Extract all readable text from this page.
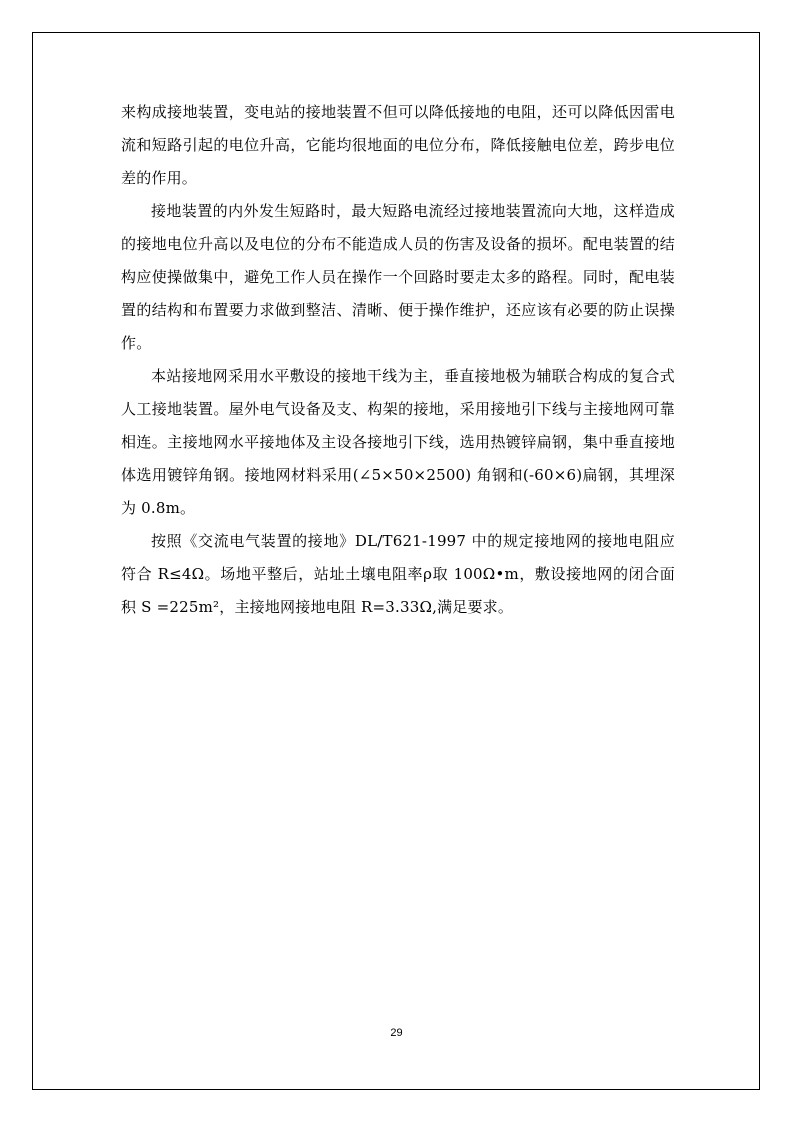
来构成接地装置，变电站的接地装置不但可以降低接地的电阻，还可以降低因雷电流和短路引起的电位升高，它能均很地面的电位分布，降低接触电位差，跨步电位差的作用。

接地装置的内外发生短路时，最大短路电流经过接地装置流向大地，这样造成的接地电位升高以及电位的分布不能造成人员的伤害及设备的损坏。配电装置的结构应使操做集中，避免工作人员在操作一个回路时要走太多的路程。同时，配电装置的结构和布置要力求做到整洁、清晰、便于操作维护，还应该有必要的防止误操作。

本站接地网采用水平敷设的接地干线为主，垂直接地极为辅联合构成的复合式人工接地装置。屋外电气设备及支、构架的接地，采用接地引下线与主接地网可靠相连。主接地网水平接地体及主设各接地引下线，选用热镀锌扁钢，集中垂直接地体选用镀锌角钢。接地网材料采用(∠5×50×2500) 角钢和(-60×6)扁钢，其埋深为 0.8m。

按照《交流电气装置的接地》DL/T621-1997 中的规定接地网的接地电阻应符合 R≤4Ω。场地平整后，站址土壤电阻率ρ取 100Ω•m，敷设接地网的闭合面积 S =225m²，主接地网接地电阻 R=3.33Ω,满足要求。

29
